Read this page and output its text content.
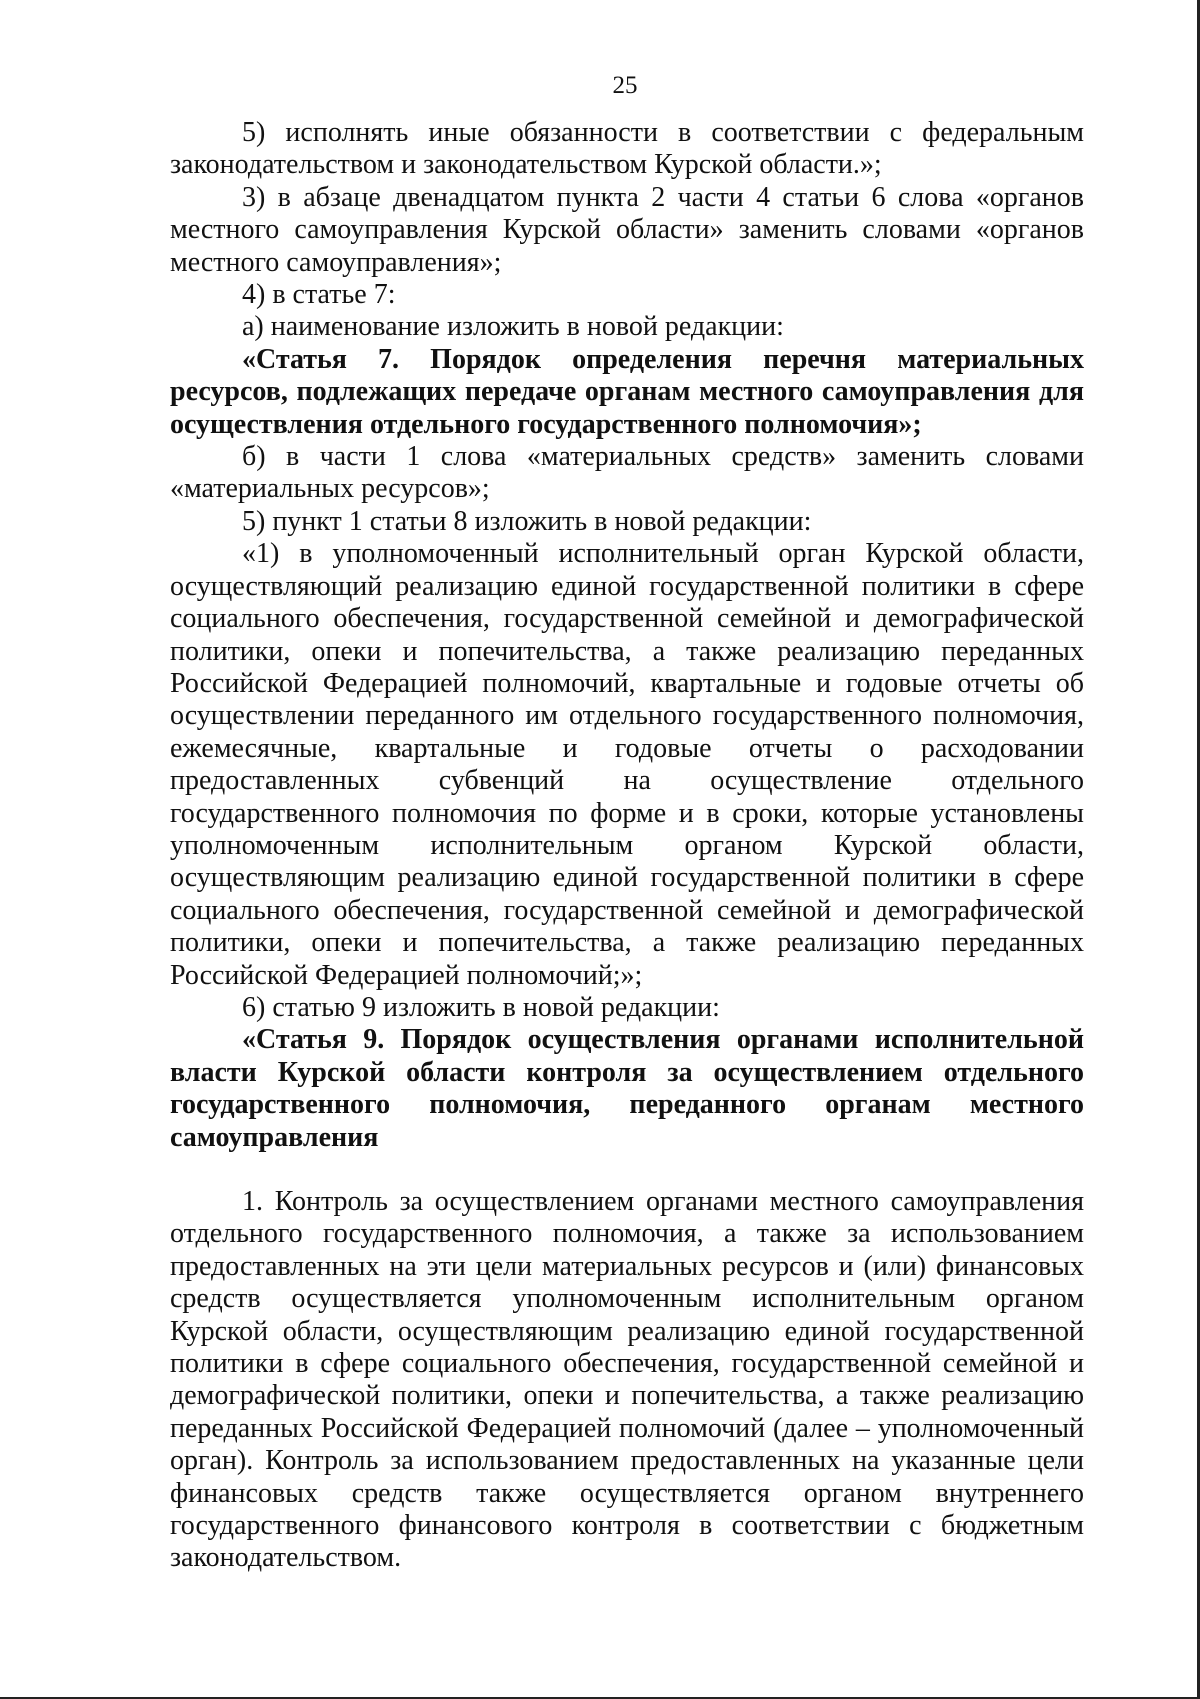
25

5) исполнять иные обязанности в соответствии с федеральным законодательством и законодательством Курской области.»;

3) в абзаце двенадцатом пункта 2 части 4 статьи 6 слова «органов местного самоуправления Курской области» заменить словами «органов местного самоуправления»;

4) в статье 7:

а) наименование изложить в новой редакции:

«Статья 7. Порядок определения перечня материальных ресурсов, подлежащих передаче органам местного самоуправления для осуществления отдельного государственного полномочия»;

б) в части 1 слова «материальных средств» заменить словами «материальных ресурсов»;

5) пункт 1 статьи 8 изложить в новой редакции:

«1) в уполномоченный исполнительный орган Курской области, осуществляющий реализацию единой государственной политики в сфере социального обеспечения, государственной семейной и демографической политики, опеки и попечительства, а также реализацию переданных Российской Федерацией полномочий, квартальные и годовые отчеты об осуществлении переданного им отдельного государственного полномочия, ежемесячные, квартальные и годовые отчеты о расходовании предоставленных субвенций на осуществление отдельного государственного полномочия по форме и в сроки, которые установлены уполномоченным исполнительным органом Курской области, осуществляющим реализацию единой государственной политики в сфере социального обеспечения, государственной семейной и демографической политики, опеки и попечительства, а также реализацию переданных Российской Федерацией полномочий;»;

6) статью 9 изложить в новой редакции:

«Статья 9. Порядок осуществления органами исполнительной власти Курской области контроля за осуществлением отдельного государственного полномочия, переданного органам местного самоуправления

1. Контроль за осуществлением органами местного самоуправления отдельного государственного полномочия, а также за использованием предоставленных на эти цели материальных ресурсов и (или) финансовых средств осуществляется уполномоченным исполнительным органом Курской области, осуществляющим реализацию единой государственной политики в сфере социального обеспечения, государственной семейной и демографической политики, опеки и попечительства, а также реализацию переданных Российской Федерацией полномочий (далее – уполномоченный орган). Контроль за использованием предоставленных на указанные цели финансовых средств также осуществляется органом внутреннего государственного финансового контроля в соответствии с бюджетным законодательством.
